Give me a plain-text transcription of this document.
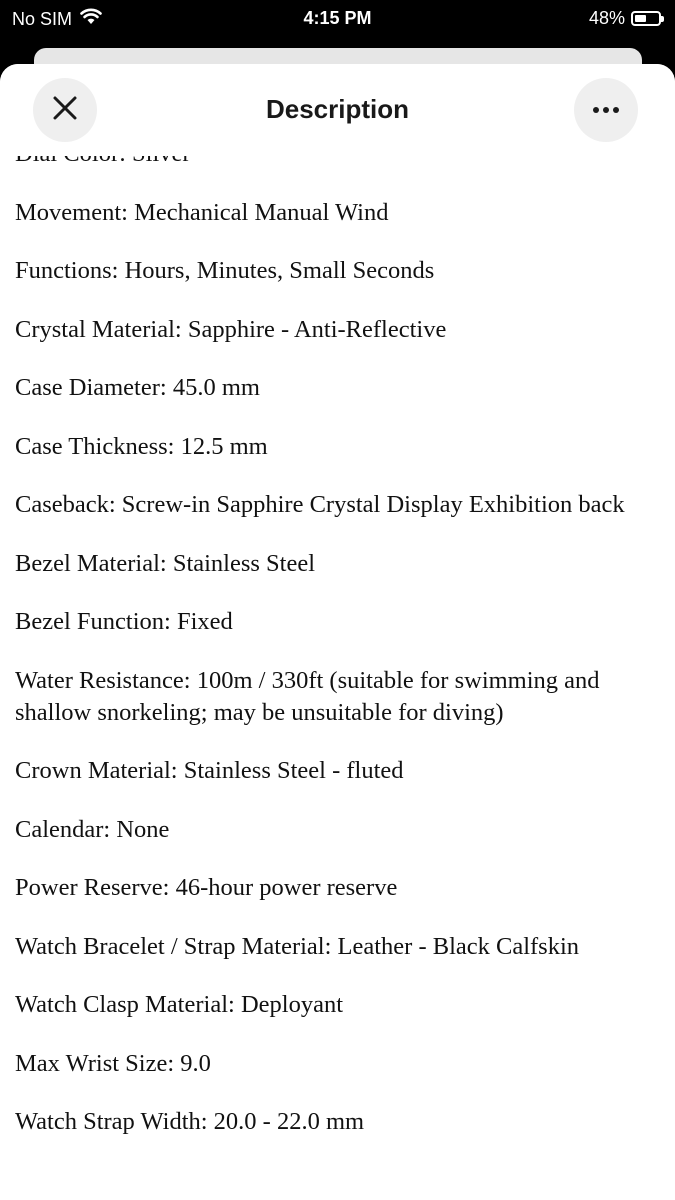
No SIM	4:15 PM	48%
Description

Movement: Mechanical Manual Wind

Functions: Hours, Minutes, Small Seconds

Crystal Material: Sapphire - Anti-Reflective

Case Diameter: 45.0 mm

Case Thickness: 12.5 mm

Caseback: Screw-in Sapphire Crystal Display Exhibition back

Bezel Material: Stainless Steel

Bezel Function: Fixed

Water Resistance: 100m / 330ft (suitable for swimming and shallow snorkeling; may be unsuitable for diving)

Crown Material: Stainless Steel - fluted

Calendar: None

Power Reserve: 46-hour power reserve

Watch Bracelet / Strap Material: Leather - Black Calfskin

Watch Clasp Material: Deployant

Max Wrist Size: 9.0

Watch Strap Width: 20.0 - 22.0 mm
